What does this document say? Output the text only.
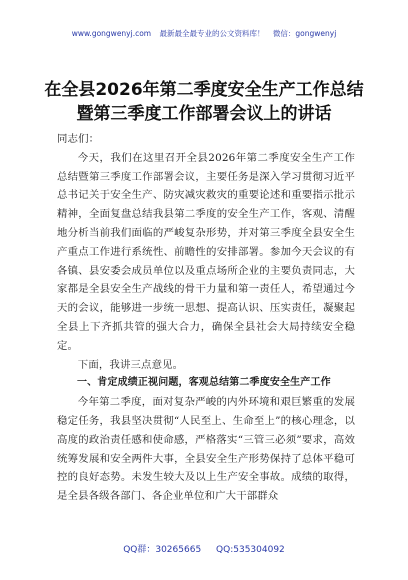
www.gongwenyj.com 最新最全最专业的公文资料库！ 微信：gongwenyj
在全县2026年第二季度安全生产工作总结
暨第三季度工作部署会议上的讲话

同志们：

今天，我们在这里召开全县2026年第二季度安全生产工作总结暨第三季度工作部署会议，主要任务是深入学习贯彻习近平总书记关于安全生产、防灾减灾救灾的重要论述和重要指示批示精神，全面复盘总结我县第二季度的安全生产工作，客观、清醒地分析当前我们面临的严峻复杂形势，并对第三季度全县安全生产重点工作进行系统性、前瞻性的安排部署。参加今天会议的有各镇、县安委会成员单位以及重点场所企业的主要负责同志，大家都是全县安全生产战线的骨干力量和第一责任人，希望通过今天的会议，能够进一步统一思想、提高认识、压实责任，凝聚起全县上下齐抓共管的强大合力，确保全县社会大局持续安全稳定。

下面，我讲三点意见。

一、肯定成绩正视问题，客观总结第二季度安全生产工作

今年第二季度，面对复杂严峻的内外环境和艰巨繁重的发展稳定任务，我县坚决贯彻“人民至上、生命至上”的核心理念，以高度的政治责任感和使命感，严格落实“三管三必须”要求，高效统筹发展和安全两件大事，全县安全生产形势保持了总体平稳可控的良好态势。未发生较大及以上生产安全事故。成绩的取得，是全县各级各部门、各企业单位和广大干部群众

QQ群：30265665 QQ:535304092
